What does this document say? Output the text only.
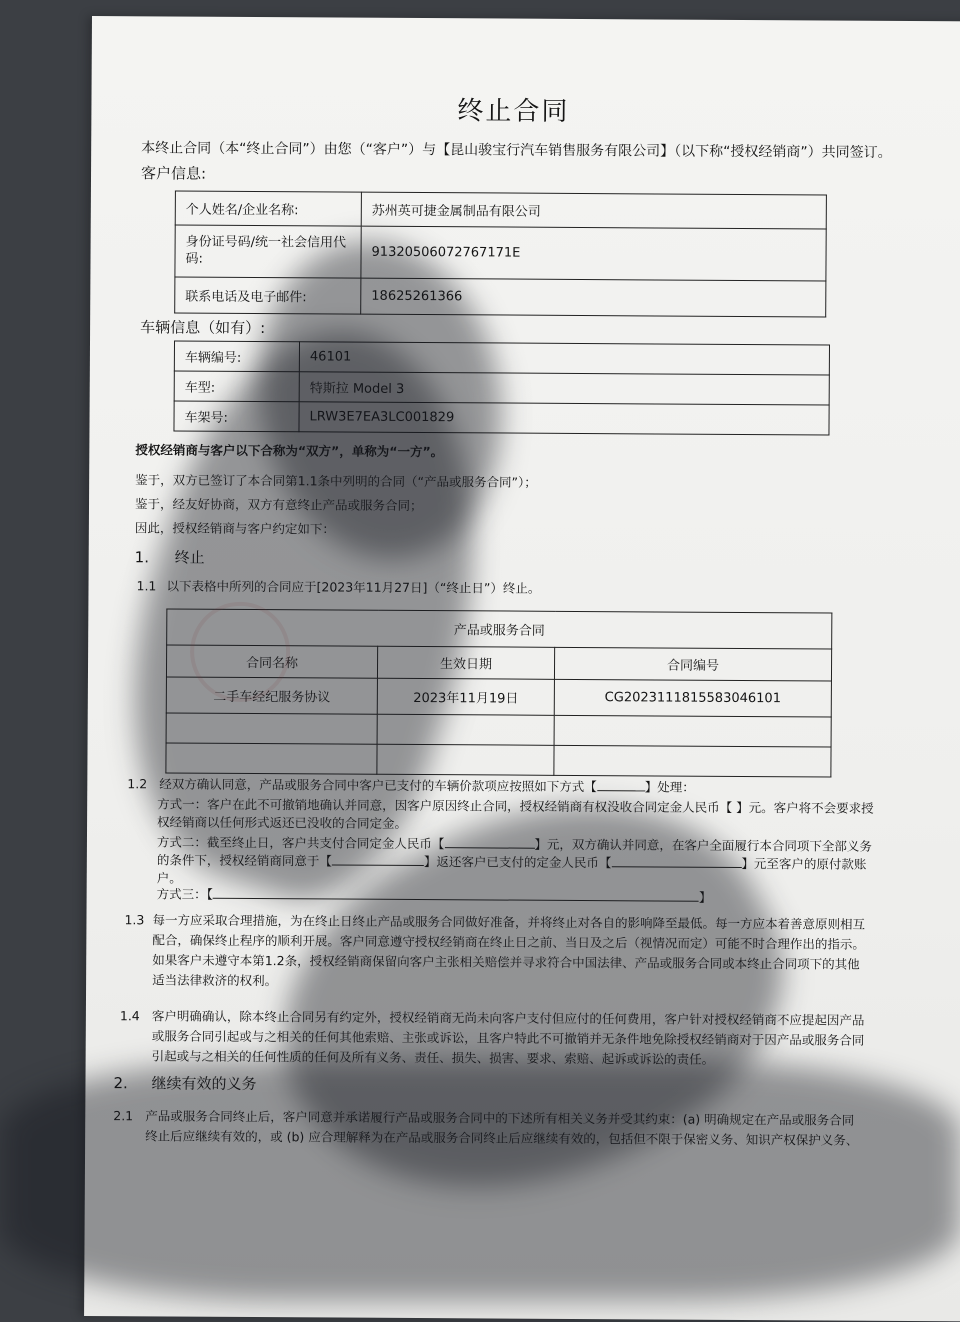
终止合同
本终止合同（本“终止合同”）由您（“客户”）与【昆山骏宝行汽车销售服务有限公司】（以下称“授权经销商”）共同签订。
客户信息:
个人姓名/企业名称:	苏州英可捷金属制品有限公司
身份证号码/统一社会信用代码:	91320506072767171E
联系电话及电子邮件:	18625261366
车辆信息（如有）:
车辆编号:	46101
车型:	特斯拉 Model 3
车架号:	LRW3E7EA3LC001829
授权经销商与客户以下合称为“双方”，单称为“一方”。
鉴于，双方已签订了本合同第1.1条中列明的合同（“产品或服务合同”）；
鉴于，经友好协商，双方有意终止产品或服务合同；
因此，授权经销商与客户约定如下：
1. 终止
1.1 以下表格中所列的合同应于[2023年11月27日]（“终止日”）终止。
产品或服务合同		
合同名称	生效日期	合同编号
二手车经纪服务协议	2023年11月19日	CG2023111815583046101

1.2 经双方确认同意，产品或服务合同中客户已支付的车辆价款项应按照如下方式【	】处理：
方式一：客户在此不可撤销地确认并同意，因客户原因终止合同，授权经销商有权没收合同定金人民币【 】元。客户将不会要求授
权经销商以任何形式返还已没收的合同定金。
方式二：截至终止日，客户共支付合同定金人民币【	】元，双方确认并同意，在客户全面履行本合同项下全部义务
的条件下，授权经销商同意于【	】返还客户已支付的定金人民币【	】元至客户的原付款账
户。
方式三：【	】
1.3 每一方应采取合理措施，为在终止日终止产品或服务合同做好准备，并将终止对各自的影响降至最低。每一方应本着善意原则相互
配合，确保终止程序的顺利开展。客户同意遵守授权经销商在终止日之前、当日及之后（视情况而定）可能不时合理作出的指示。
如果客户未遵守本第1.2条，授权经销商保留向客户主张相关赔偿并寻求符合中国法律、产品或服务合同或本终止合同项下的其他
适当法律救济的权利。
1.4 客户明确确认，除本终止合同另有约定外，授权经销商无尚未向客户支付但应付的任何费用，客户针对授权经销商不应提起因产品
或服务合同引起或与之相关的任何其他索赔、主张或诉讼，且客户特此不可撤销并无条件地免除授权经销商对于因产品或服务合同
引起或与之相关的任何性质的任何及所有义务、责任、损失、损害、要求、索赔、起诉或诉讼的责任。
2. 继续有效的义务
2.1 产品或服务合同终止后，客户同意并承诺履行产品或服务合同中的下述所有相关义务并受其约束：(a) 明确规定在产品或服务合同
终止后应继续有效的，或 (b) 应合理解释为在产品或服务合同终止后应继续有效的，包括但不限于保密义务、知识产权保护义务、
